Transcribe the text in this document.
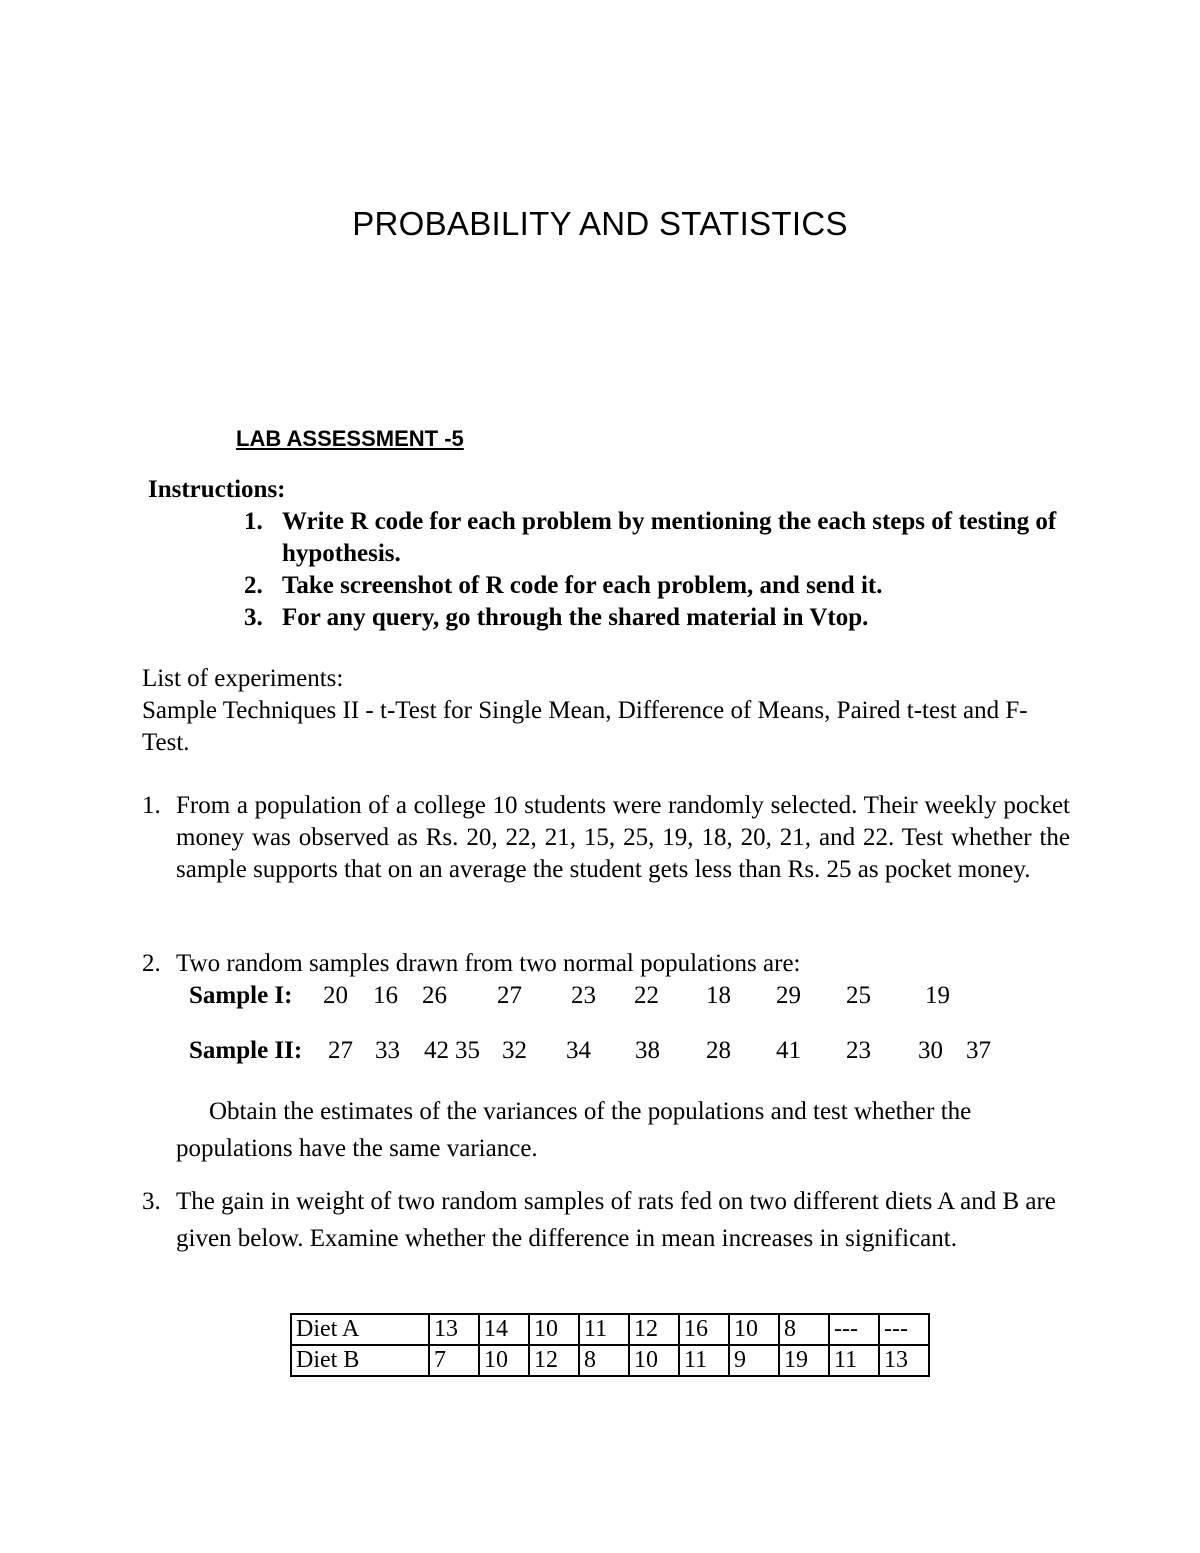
PROBABILITY AND STATISTICS
LAB ASSESSMENT -5
Instructions:
1. Write R code for each problem by mentioning the each steps of testing of hypothesis.
2. Take screenshot of R code for each problem, and send it.
3. For any query, go through the shared material in Vtop.
List of experiments:
Sample Techniques II - t-Test for Single Mean, Difference of Means, Paired t-test and F-Test.
1. From a population of a college 10 students were randomly selected. Their weekly pocket money was observed as Rs. 20, 22, 21, 15, 25, 19, 18, 20, 21, and 22. Test whether the sample supports that on an average the student gets less than Rs. 25 as pocket money.
2. Two random samples drawn from two normal populations are:
Sample I: 20 16 26 27 23 22 18 29 25 19
Sample II: 27 33 42 35 32 34 38 28 41 23 30 37
Obtain the estimates of the variances of the populations and test whether the populations have the same variance.
3. The gain in weight of two random samples of rats fed on two different diets A and B are given below. Examine whether the difference in mean increases in significant.
Diet A	13	14	10	11	12	16	10	8	---	---
Diet B	7	10	12	8	10	11	9	19	11	13
